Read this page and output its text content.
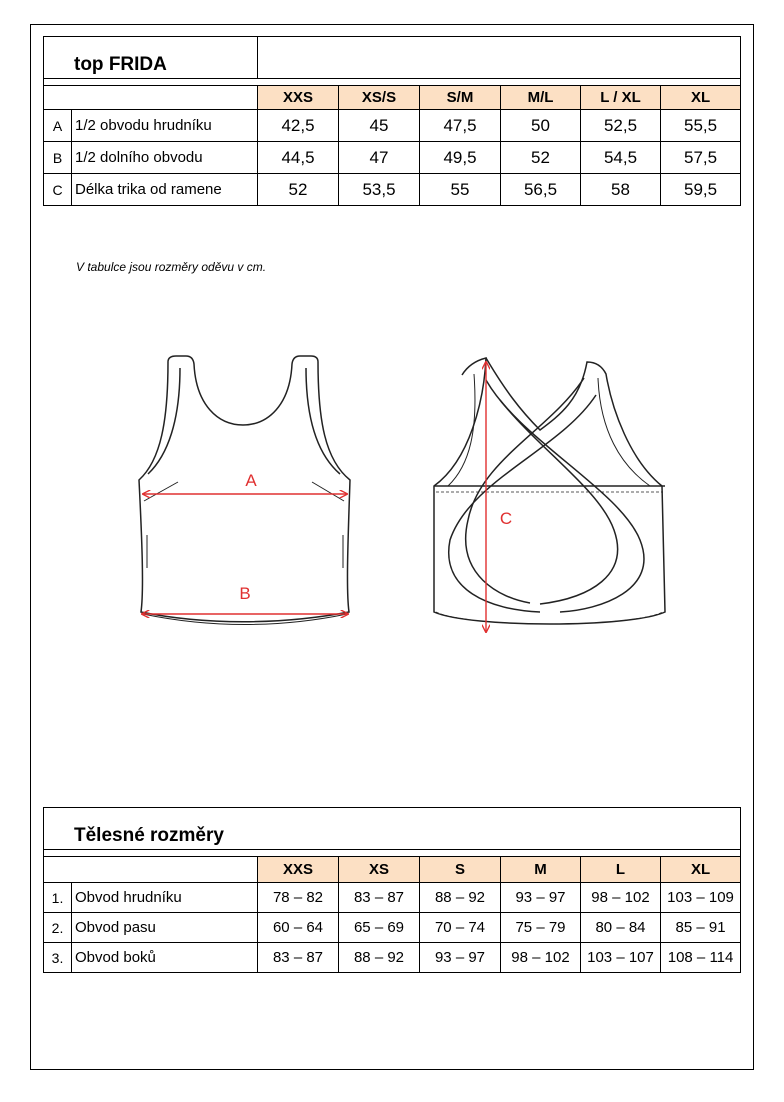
top FRIDA							

		XXS	XS/S	S/M	M/L	L / XL	XL
A	1/2 obvodu hrudníku	42,5	45	47,5	50	52,5	55,5
B	1/2 dolního obvodu	44,5	47	49,5	52	54,5	57,5
C	Délka trika od ramene	52	53,5	55	56,5	58	59,5
V tabulce jsou rozměry oděvu v cm.
A
B
C
Tělesné rozměry							

		XXS	XS	S	M	L	XL
1.	Obvod hrudníku	78 – 82	83 – 87	88 – 92	93 – 97	98 – 102	103 – 109
2.	Obvod pasu	60 – 64	65 – 69	70 – 74	75 – 79	80 – 84	85 – 91
3.	Obvod boků	83 – 87	88 – 92	93 – 97	98 – 102	103 – 107	108 – 114
